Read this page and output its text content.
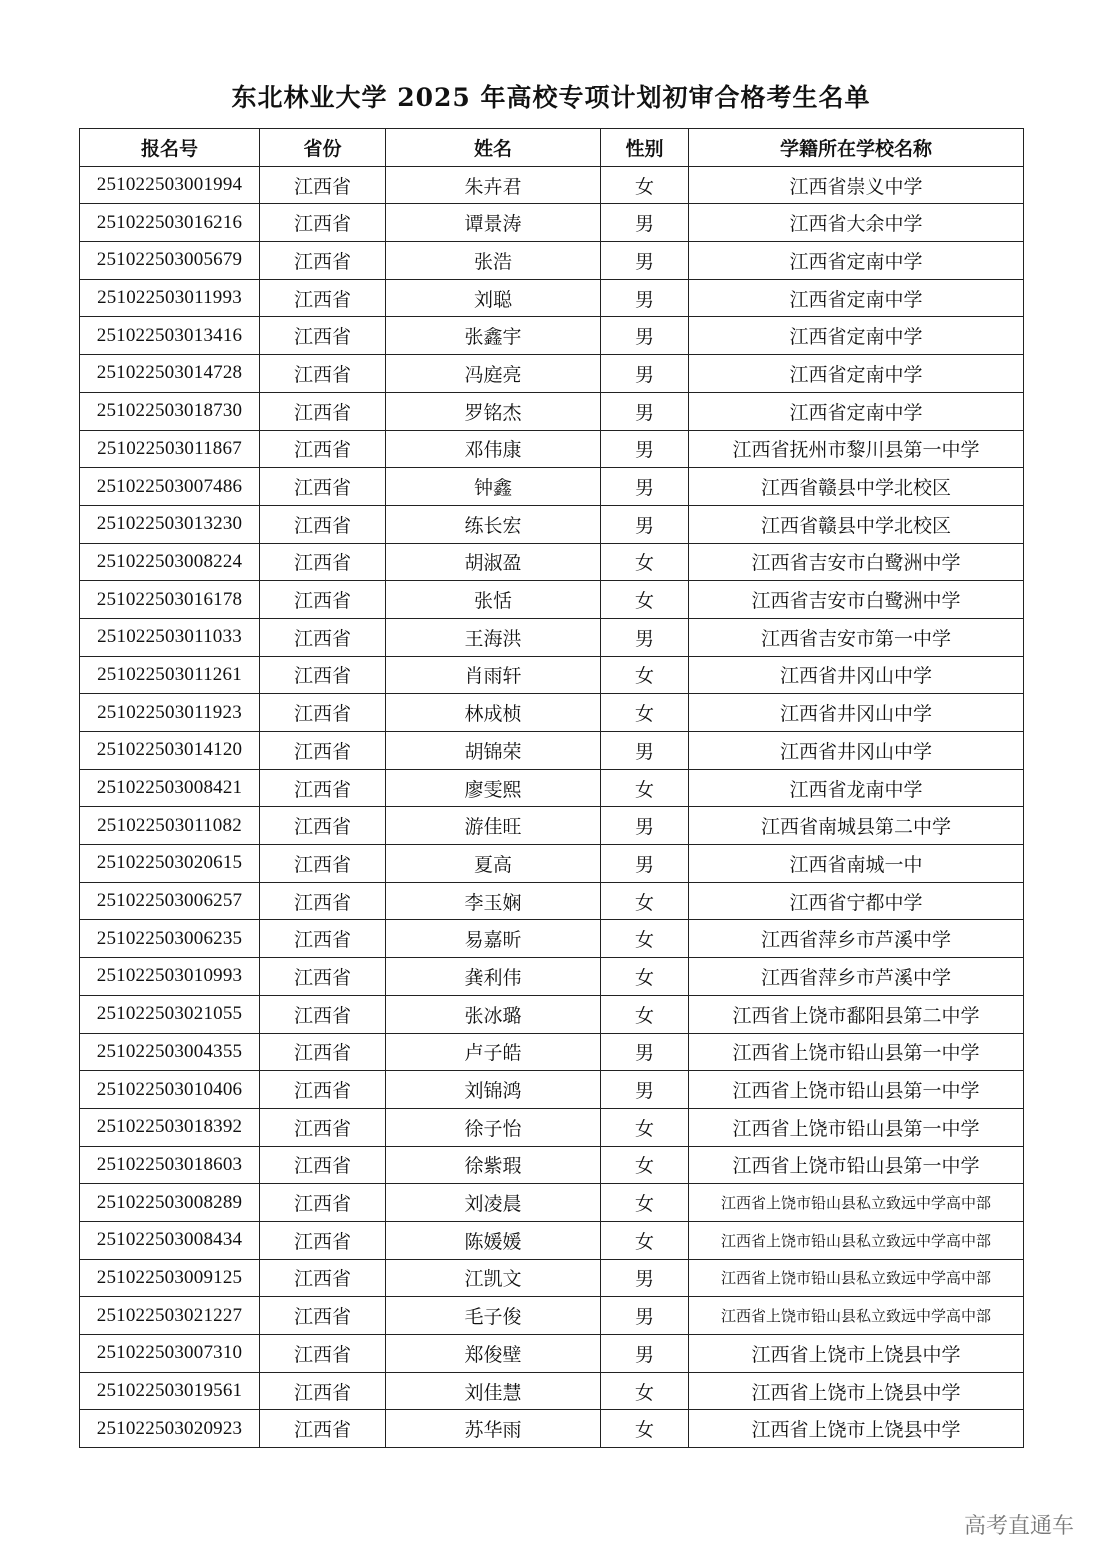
东北林业大学 2025 年高校专项计划初审合格考生名单
报名号	省份	姓名	性别	学籍所在学校名称
251022503001994	江西省	朱卉君	女	江西省崇义中学
251022503016216	江西省	谭景涛	男	江西省大余中学
251022503005679	江西省	张浩	男	江西省定南中学
251022503011993	江西省	刘聪	男	江西省定南中学
251022503013416	江西省	张鑫宇	男	江西省定南中学
251022503014728	江西省	冯庭亮	男	江西省定南中学
251022503018730	江西省	罗铭杰	男	江西省定南中学
251022503011867	江西省	邓伟康	男	江西省抚州市黎川县第一中学
251022503007486	江西省	钟鑫	男	江西省赣县中学北校区
251022503013230	江西省	练长宏	男	江西省赣县中学北校区
251022503008224	江西省	胡淑盈	女	江西省吉安市白鹭洲中学
251022503016178	江西省	张恬	女	江西省吉安市白鹭洲中学
251022503011033	江西省	王海洪	男	江西省吉安市第一中学
251022503011261	江西省	肖雨轩	女	江西省井冈山中学
251022503011923	江西省	林成桢	女	江西省井冈山中学
251022503014120	江西省	胡锦荣	男	江西省井冈山中学
251022503008421	江西省	廖雯熙	女	江西省龙南中学
251022503011082	江西省	游佳旺	男	江西省南城县第二中学
251022503020615	江西省	夏高	男	江西省南城一中
251022503006257	江西省	李玉娴	女	江西省宁都中学
251022503006235	江西省	易嘉昕	女	江西省萍乡市芦溪中学
251022503010993	江西省	龚利伟	女	江西省萍乡市芦溪中学
251022503021055	江西省	张冰璐	女	江西省上饶市鄱阳县第二中学
251022503004355	江西省	卢子皓	男	江西省上饶市铅山县第一中学
251022503010406	江西省	刘锦鸿	男	江西省上饶市铅山县第一中学
251022503018392	江西省	徐子怡	女	江西省上饶市铅山县第一中学
251022503018603	江西省	徐紫瑕	女	江西省上饶市铅山县第一中学
251022503008289	江西省	刘凌晨	女	江西省上饶市铅山县私立致远中学高中部
251022503008434	江西省	陈媛媛	女	江西省上饶市铅山县私立致远中学高中部
251022503009125	江西省	江凯文	男	江西省上饶市铅山县私立致远中学高中部
251022503021227	江西省	毛子俊	男	江西省上饶市铅山县私立致远中学高中部
251022503007310	江西省	郑俊壁	男	江西省上饶市上饶县中学
251022503019561	江西省	刘佳慧	女	江西省上饶市上饶县中学
251022503020923	江西省	苏华雨	女	江西省上饶市上饶县中学
高考直通车
